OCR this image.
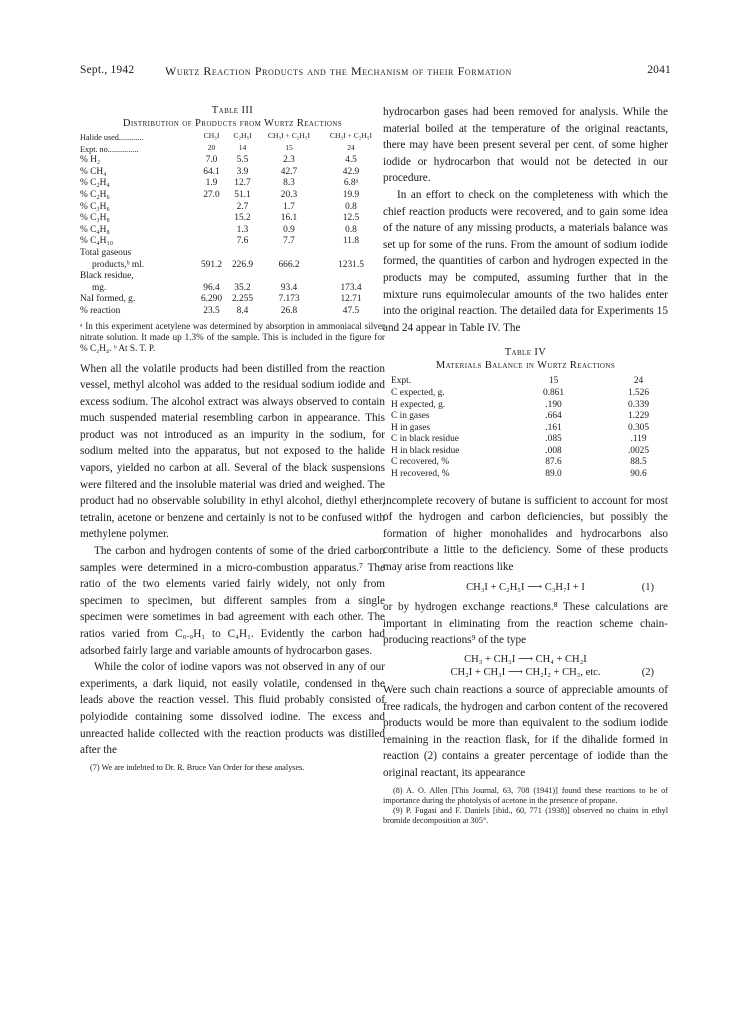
Sept., 1942	Wurtz Reaction Products and the Mechanism of their Formation	2041
Table III
Distribution of Products from Wurtz Reactions
Halide used............	CH₃I	C₂H₅I	CH₃I + C₂H₅I	CH₃I + C₂H₅I
Expt. no...............	20	14	15	24
% H₂	7.0	5.5	2.3	4.5
% CH₄	64.1	3.9	42.7	42.9
% C₂H₄	1.9	12.7	8.3	6.8ᵃ
% C₂H₆	27.0	51.1	20.3	19.9
% C₃H₆		2.7	1.7	0.8
% C₃H₈		15.2	16.1	12.5
% C₄H₈		1.3	0.9	0.8
% C₄H₁₀		7.6	7.7	11.8
Total gaseous				
products,ᵇ ml.	591.2	226.9	666.2	1231.5
Black residue,				
mg.	96.4	35.2	93.4	173.4
NaI formed, g.	6.290	2.255	7.173	12.71
% reaction	23.5	8.4	26.8	47.5
ᵃ In this experiment acetylene was determined by absorption in ammoniacal silver nitrate solution. It made up 1.3% of the sample. This is included in the figure for % C₂H₄. ᵇ At S. T. P.

When all the volatile products had been distilled from the reaction vessel, methyl alcohol was added to the residual sodium iodide and excess sodium. The alcohol extract was always observed to contain much suspended material resembling carbon in appearance. This product was not introduced as an impurity in the sodium, for sodium melted into the apparatus, but not exposed to the halide vapors, yielded no carbon at all. Several of the black suspensions were filtered and the insoluble material was dried and weighed. The product had no observable solubility in ethyl alcohol, diethyl ether, tetralin, acetone or benzene and certainly is not to be confused with methylene polymer.

The carbon and hydrogen contents of some of the dried carbon samples were determined in a micro-combustion apparatus.⁷ The ratio of the two elements varied fairly widely, not only from specimen to specimen, but different samples from a single specimen were sometimes in bad agreement with each other. The ratios varied from C₀.₉H₁ to C₄H₁. Evidently the carbon had adsorbed fairly large and variable amounts of hydrocarbon gases.

While the color of iodine vapors was not observed in any of our experiments, a dark liquid, not easily volatile, condensed in the leads above the reaction vessel. This fluid probably consisted of polyiodide containing some dissolved iodine. The excess and unreacted halide collected with the reaction products was distilled after the

(7) We are indebted to Dr. R. Bruce Van Order for these analyses.

hydrocarbon gases had been removed for analysis. While the material boiled at the temperature of the original reactants, there may have been present several per cent. of some higher iodide or hydrocarbon that would not be detected in our procedure.

In an effort to check on the completeness with which the chief reaction products were recovered, and to gain some idea of the nature of any missing products, a materials balance was set up for some of the runs. From the amount of sodium iodide formed, the quantities of carbon and hydrogen expected in the products may be computed, assuming further that in the mixture runs equimolecular amounts of the two halides enter into the original reaction. The detailed data for Experiments 15 and 24 appear in Table IV. The

Table IV
Materials Balance in Wurtz Reactions
Expt.	15	24
C expected, g.	0.861	1.526
H expected, g.	.190	0.339
C in gases	.664	1.229
H in gases	.161	0.305
C in black residue	.085	.119
H in black residue	.008	.0025
C recovered, %	87.6	88.5
H recovered, %	89.0	90.6

incomplete recovery of butane is sufficient to account for most of the hydrogen and carbon deficiencies, but possibly the formation of higher monohalides and hydrocarbons also contribute a little to the deficiency. Some of these products may arise from reactions like

CH₃I + C₂H₅I ⟶ C₃H₇I + I	(1)

or by hydrogen exchange reactions.⁸ These calculations are important in eliminating from the reaction scheme chain-producing reactions⁹ of the type

CH₃ + CH₃I ⟶ CH₄ + CH₂I
CH₂I + CH₃I ⟶ CH₂I₂ + CH₃, etc.	(2)

Were such chain reactions a source of appreciable amounts of free radicals, the hydrogen and carbon content of the recovered products would be more than equivalent to the sodium iodide remaining in the reaction flask, for if the dihalide formed in reaction (2) contains a greater percentage of iodide than the original reactant, its appearance

(8) A. O. Allen [This Journal, 63, 708 (1941)] found these reactions to be of importance during the photolysis of acetone in the presence of propane.
(9) P. Fugasi and F. Daniels [ibid., 60, 771 (1938)] observed no chains in ethyl bromide decomposition at 305°.
